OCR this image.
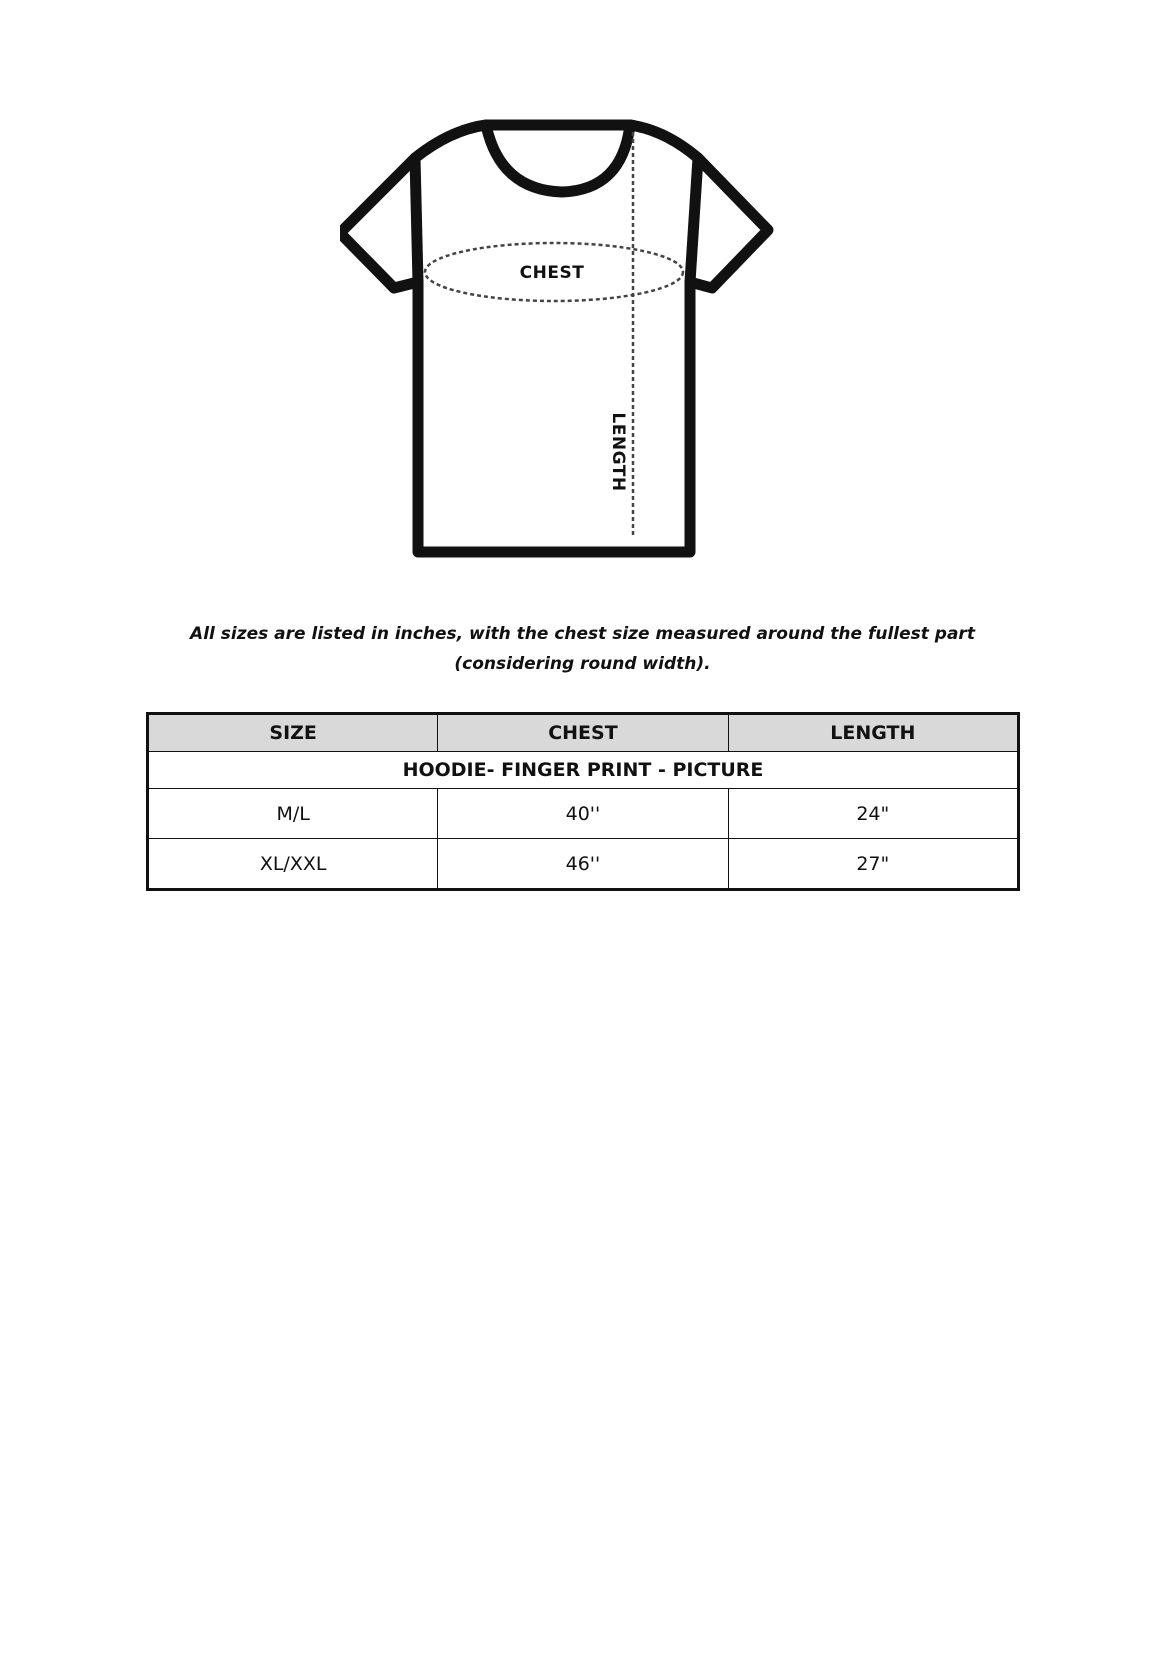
CHEST
LENGTH
All sizes are listed in inches, with the chest size measured around the fullest part
(considering round width).
SIZE	CHEST	LENGTH
HOODIE- FINGER PRINT - PICTURE		
M/L	40''	24"
XL/XXL	46''	27"
